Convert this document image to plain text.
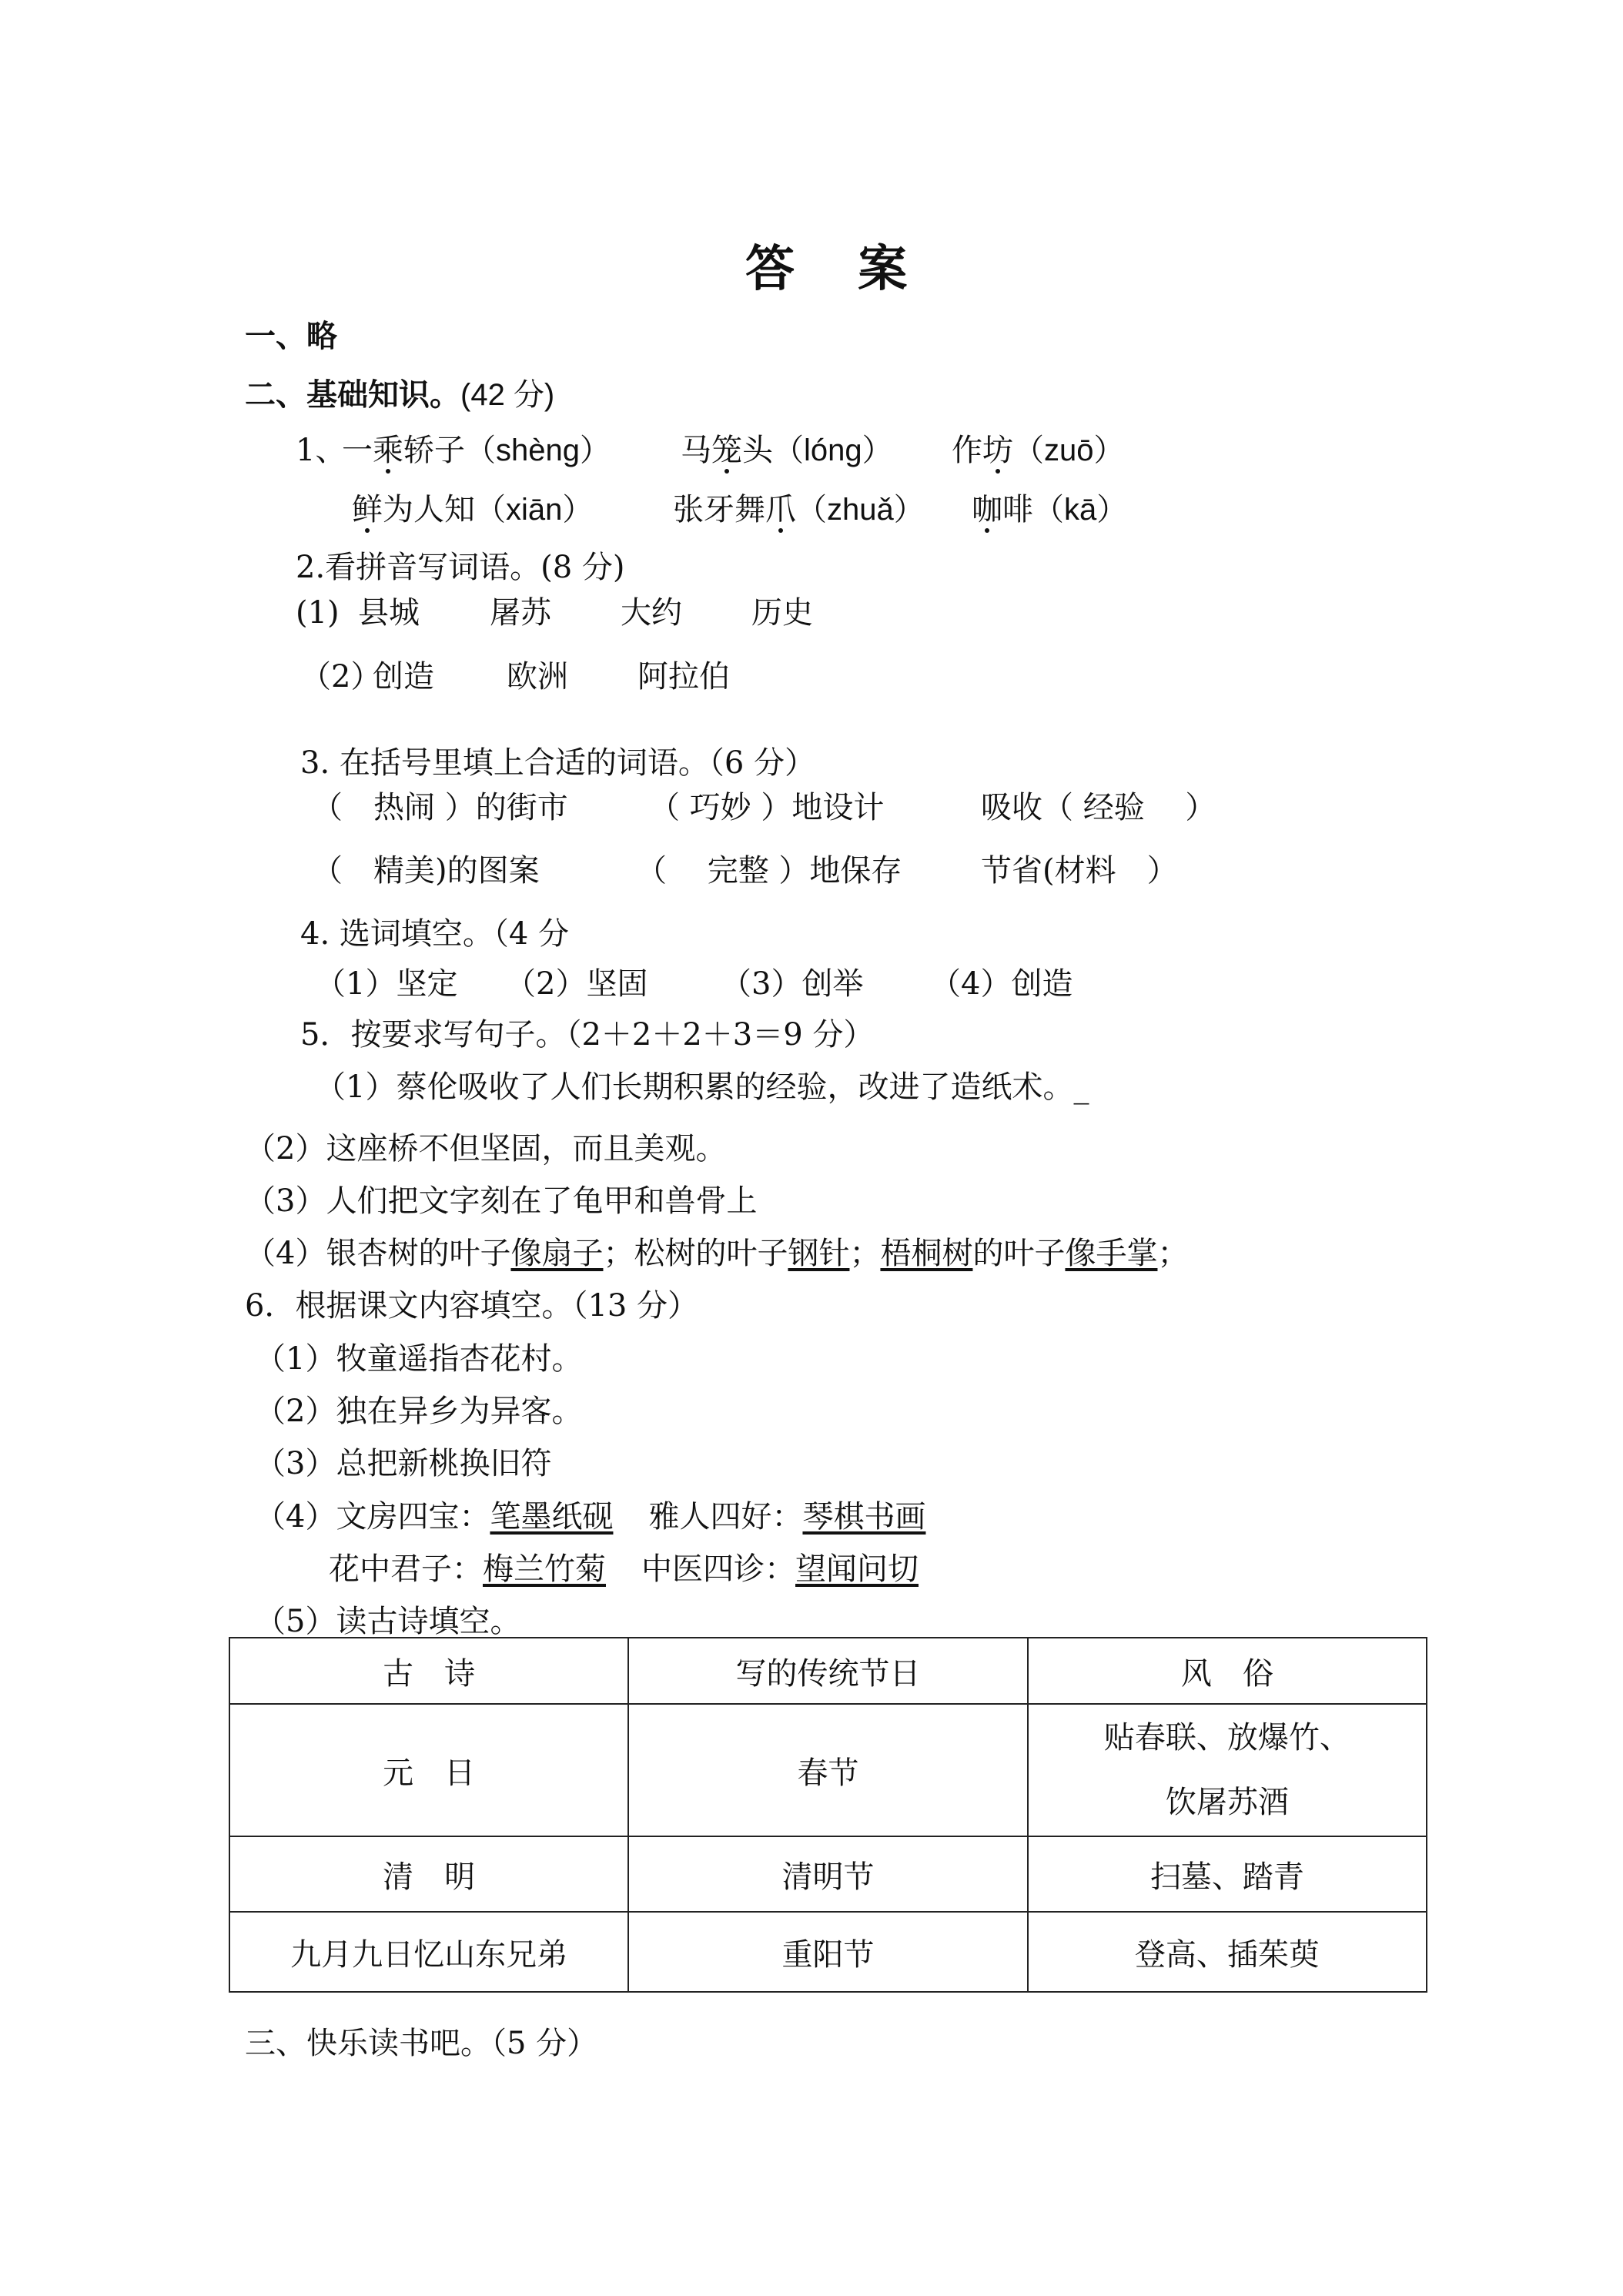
答 案
一、略
二、基础知识。(42 分)
1、
一乘轿子（shèng） 马笼头（lóng） 作坊（zuō）
鲜为人知（xiān）	张牙舞爪（zhuǎ） 咖啡（kā）
2.看拼音写词语。(8 分)
(1) 县城 屠苏 大约 历史
（2）
创造 欧洲 阿拉伯
3. 在括号里填上合适的词语。（6 分）
（　热闹 ）的街市	（ 巧妙 ）地设计	吸收（ 经验　 ）
（　精美)的图案	（　 完整 ）地保存	节省(材料　）
4. 选词填空。（4 分
（1）坚定 （2）坚固 （3）创举 （4）创造
5．按要求写句子。（2＋2＋2＋3＝9 分）
（1）蔡伦吸收了人们长期积累的经验，改进了造纸术。_
（2）这座桥不但坚固，而且美观。
（3）人们把文字刻在了龟甲和兽骨上
（4）银杏树的叶子像扇子；松树的叶子钢针；梧桐树的叶子像手掌；
6．根据课文内容填空。（13 分）
（1）牧童遥指杏花村。
（2）独在异乡为异客。
（3）总把新桃换旧符
（4）文房四宝：笔墨纸砚 雅人四好：琴棋书画
花中君子：梅兰竹菊 中医四诊：望闻问切
（5）读古诗填空。
古　诗	写的传统节日	风　俗
元　日	春节	贴春联、放爆竹、
饮屠苏酒

清　明	清明节	扫墓、踏青
九月九日忆山东兄弟	重阳节	登高、插茱萸
三、快乐读书吧。（5 分）
